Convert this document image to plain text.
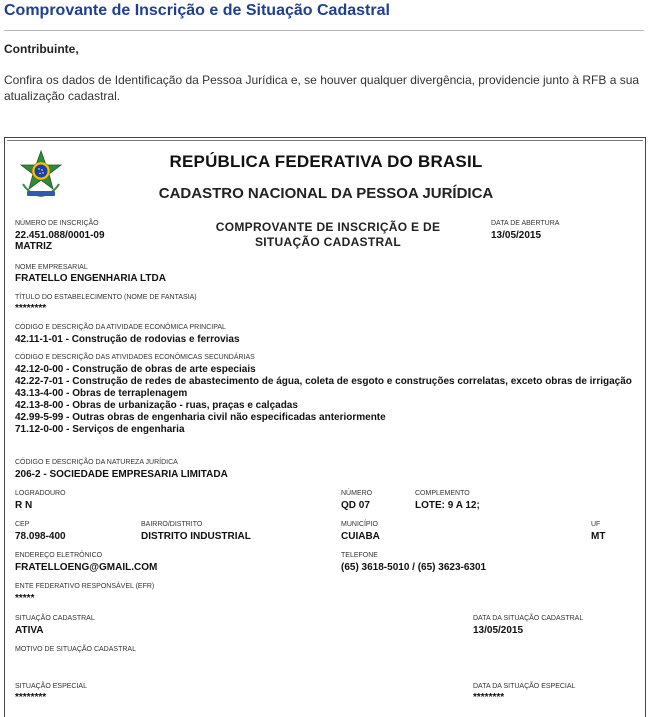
Comprovante de Inscrição e de Situação Cadastral
Contribuinte,
Confira os dados de Identificação da Pessoa Jurídica e, se houver qualquer divergência, providencie junto à RFB a sua atualização cadastral.
REPÚBLICA FEDERATIVA DO BRASIL
CADASTRO NACIONAL DA PESSOA JURÍDICA
COMPROVANTE DE INSCRIÇÃO E DE
SITUAÇÃO CADASTRAL
NÚMERO DE INSCRIÇÃO
22.451.088/0001-09
MATRIZ
DATA DE ABERTURA
13/05/2015
NOME EMPRESARIAL
FRATELLO ENGENHARIA LTDA
TÍTULO DO ESTABELECIMENTO (NOME DE FANTASIA)
********
CÓDIGO E DESCRIÇÃO DA ATIVIDADE ECONÔMICA PRINCIPAL
42.11-1-01 - Construção de rodovias e ferrovias
CÓDIGO E DESCRIÇÃO DAS ATIVIDADES ECONÔMICAS SECUNDÁRIAS
42.12-0-00 - Construção de obras de arte especiais
42.22-7-01 - Construção de redes de abastecimento de água, coleta de esgoto e construções correlatas, exceto obras de irrigação
43.13-4-00 - Obras de terraplenagem
42.13-8-00 - Obras de urbanização - ruas, praças e calçadas
42.99-5-99 - Outras obras de engenharia civil não especificadas anteriormente
71.12-0-00 - Serviços de engenharia
CÓDIGO E DESCRIÇÃO DA NATUREZA JURÍDICA
206-2 - SOCIEDADE EMPRESARIA LIMITADA
LOGRADOURO
R N
NÚMERO
QD 07
COMPLEMENTO
LOTE: 9 A 12;
CEP
78.098-400
BAIRRO/DISTRITO
DISTRITO INDUSTRIAL
MUNICÍPIO
CUIABA
UF
MT
ENDEREÇO ELETRÔNICO
FRATELLOENG@GMAIL.COM
TELEFONE
(65) 3618-5010 / (65) 3623-6301
ENTE FEDERATIVO RESPONSÁVEL (EFR)
*****
SITUAÇÃO CADASTRAL
ATIVA
DATA DA SITUAÇÃO CADASTRAL
13/05/2015
MOTIVO DE SITUAÇÃO CADASTRAL
SITUAÇÃO ESPECIAL
********
DATA DA SITUAÇÃO ESPECIAL
********
